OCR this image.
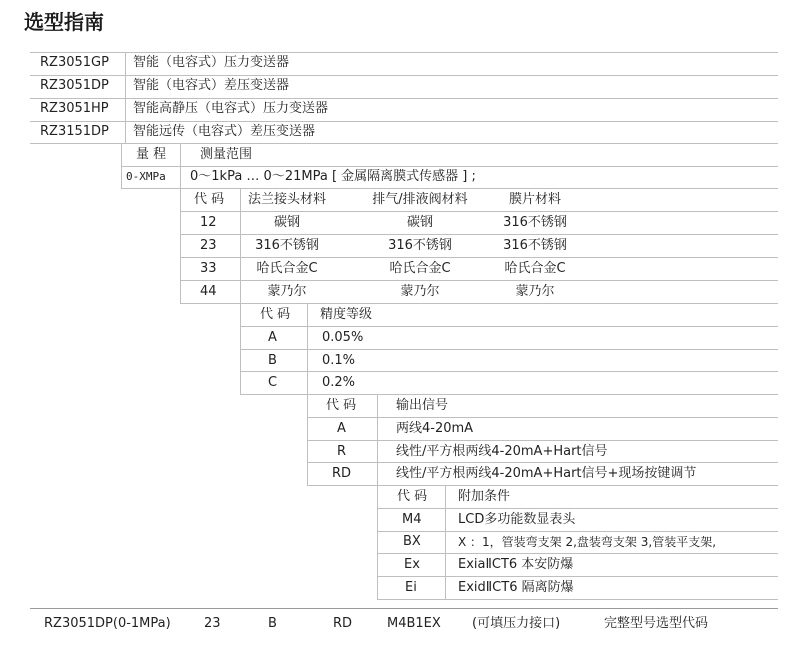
选型指南
RZ3051GP 智能（电容式）压力变送器
RZ3051DP 智能（电容式）差压变送器
RZ3051HP 智能高静压（电容式）压力变送器
RZ3151DP 智能远传（电容式）差压变送器
量 程	测量范围
0-XMPa 0～1kPa … 0～21MPa [ 金属隔离膜式传感器 ] ;
代 码	法兰接头材料	排气/排液阀材料	膜片材料
12	碳钢	碳钢	316不锈钢
23	316不锈钢	316不锈钢	316不锈钢
33	哈氏合金C	哈氏合金C	哈氏合金C
44	蒙乃尔	蒙乃尔	蒙乃尔
代 码 精度等级
A	0.05%
B	0.1%
C	0.2%
代 码	输出信号
A	两线4-20mA
R	线性/平方根两线4-20mA+Hart信号
RD	线性/平方根两线4-20mA+Hart信号+现场按键调节
代 码 附加条件
M4	LCD多功能数显表头
BX	X ：1，管装弯支架 2,盘装弯支架 3,管装平支架,
Ex	ExiaⅡCT6 本安防爆
Ei	ExidⅡCT6 隔离防爆
RZ3051DP(0-1MPa)	23	B	RD	M4B1EX (可填压力接口)	完整型号选型代码
